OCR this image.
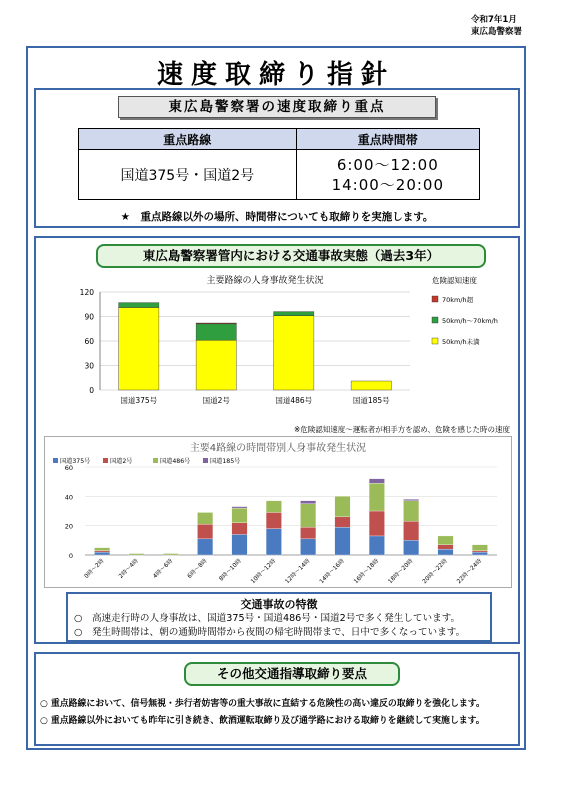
令和7年1月
東広島警察署
速度取締り指針
東広島警察署の速度取締り重点
重点路線	重点時間帯
国道375号・国道2号	6:00～12:00
14:00～20:00
★　重点路線以外の場所、時間帯についても取締りを実施します。
東広島警察署管内における交通事故実態（過去3年）
主要路線の人身事故発生状況
0
30
60
90
120
国道375号	国道2号	国道486号	国道185号
危険認知速度
70km/h超
50km/h～70km/h
50km/h未満
※危険認知速度～運転者が相手方を認め、危険を感じた時の速度
主要4路線の時間帯別人身事故発生状況
国道375号	国道2号	国道486号	国道185号
0
20
40
60
0時～2時 2時～4時 4時～6時 6時～8時 8時～10時 10時～12時 12時～14時 14時～16時 16時～18時 18時～20時 20時～22時 22時～24時
交通事故の特徴
○　高速走行時の人身事故は、国道375号・国道486号・国道2号で多く発生しています。
○　発生時間帯は、朝の通勤時間帯から夜間の帰宅時間帯まで、日中で多くなっています。
その他交通指導取締り要点
○ 重点路線において、信号無視・歩行者妨害等の重大事故に直結する危険性の高い違反の取締りを強化します。
○ 重点路線以外においても昨年に引き続き、飲酒運転取締り及び通学路における取締りを継続して実施します。
